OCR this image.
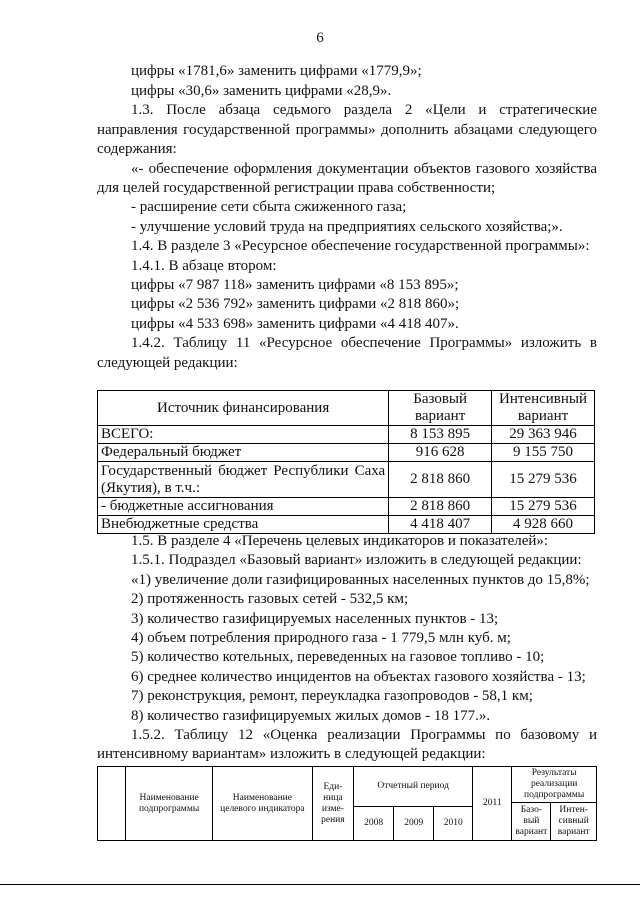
6
цифры «1781,6» заменить цифрами «1779,9»;
цифры «30,6» заменить цифрами «28,9».
1.3. После абзаца седьмого раздела 2 «Цели и стратегические
направления государственной программы» дополнить абзацами следующего
содержания:
«- обеспечение оформления документации объектов газового хозяйства
для целей государственной регистрации права собственности;
- расширение сети сбыта сжиженного газа;
- улучшение условий труда на предприятиях сельского хозяйства;».
1.4. В разделе 3 «Ресурсное обеспечение государственной программы»:
1.4.1. В абзаце втором:
цифры «7 987 118» заменить цифрами «8 153 895»;
цифры «2 536 792» заменить цифрами «2 818 860»;
цифры «4 533 698» заменить цифрами «4 418 407».
1.4.2. Таблицу 11 «Ресурсное обеспечение Программы» изложить в
следующей редакции:
Источник финансирования	Базовый вариант	Интенсивный вариант
ВСЕГО:	8 153 895	29 363 946
Федеральный бюджет	916 628	9 155 750
Государственный бюджет Республики Саха (Якутия), в т.ч.:	2 818 860	15 279 536
- бюджетные ассигнования	2 818 860	15 279 536
Внебюджетные средства	4 418 407	4 928 660
1.5. В разделе 4 «Перечень целевых индикаторов и показателей»:
1.5.1. Подраздел «Базовый вариант» изложить в следующей редакции:
«1) увеличение доли газифицированных населенных пунктов до 15,8%;
2) протяженность газовых сетей - 532,5 км;
3) количество газифицируемых населенных пунктов - 13;
4) объем потребления природного газа - 1 779,5 млн куб. м;
5) количество котельных, переведенных на газовое топливо - 10;
6) среднее количество инцидентов на объектах газового хозяйства - 13;
7) реконструкция, ремонт, переукладка газопроводов - 58,1 км;
8) количество газифицируемых жилых домов - 18 177.».
1.5.2. Таблицу 12 «Оценка реализации Программы по базовому и
интенсивному вариантам» изложить в следующей редакции:
	Наименование подпрограммы	Наименование целевого индикатора	Еди-ница изме-рения	Отчетный период			2011	Результаты реализации подпрограммы	
								Базо-вый вариант	Интен-сивный вариант
				2008	2009	2010			
